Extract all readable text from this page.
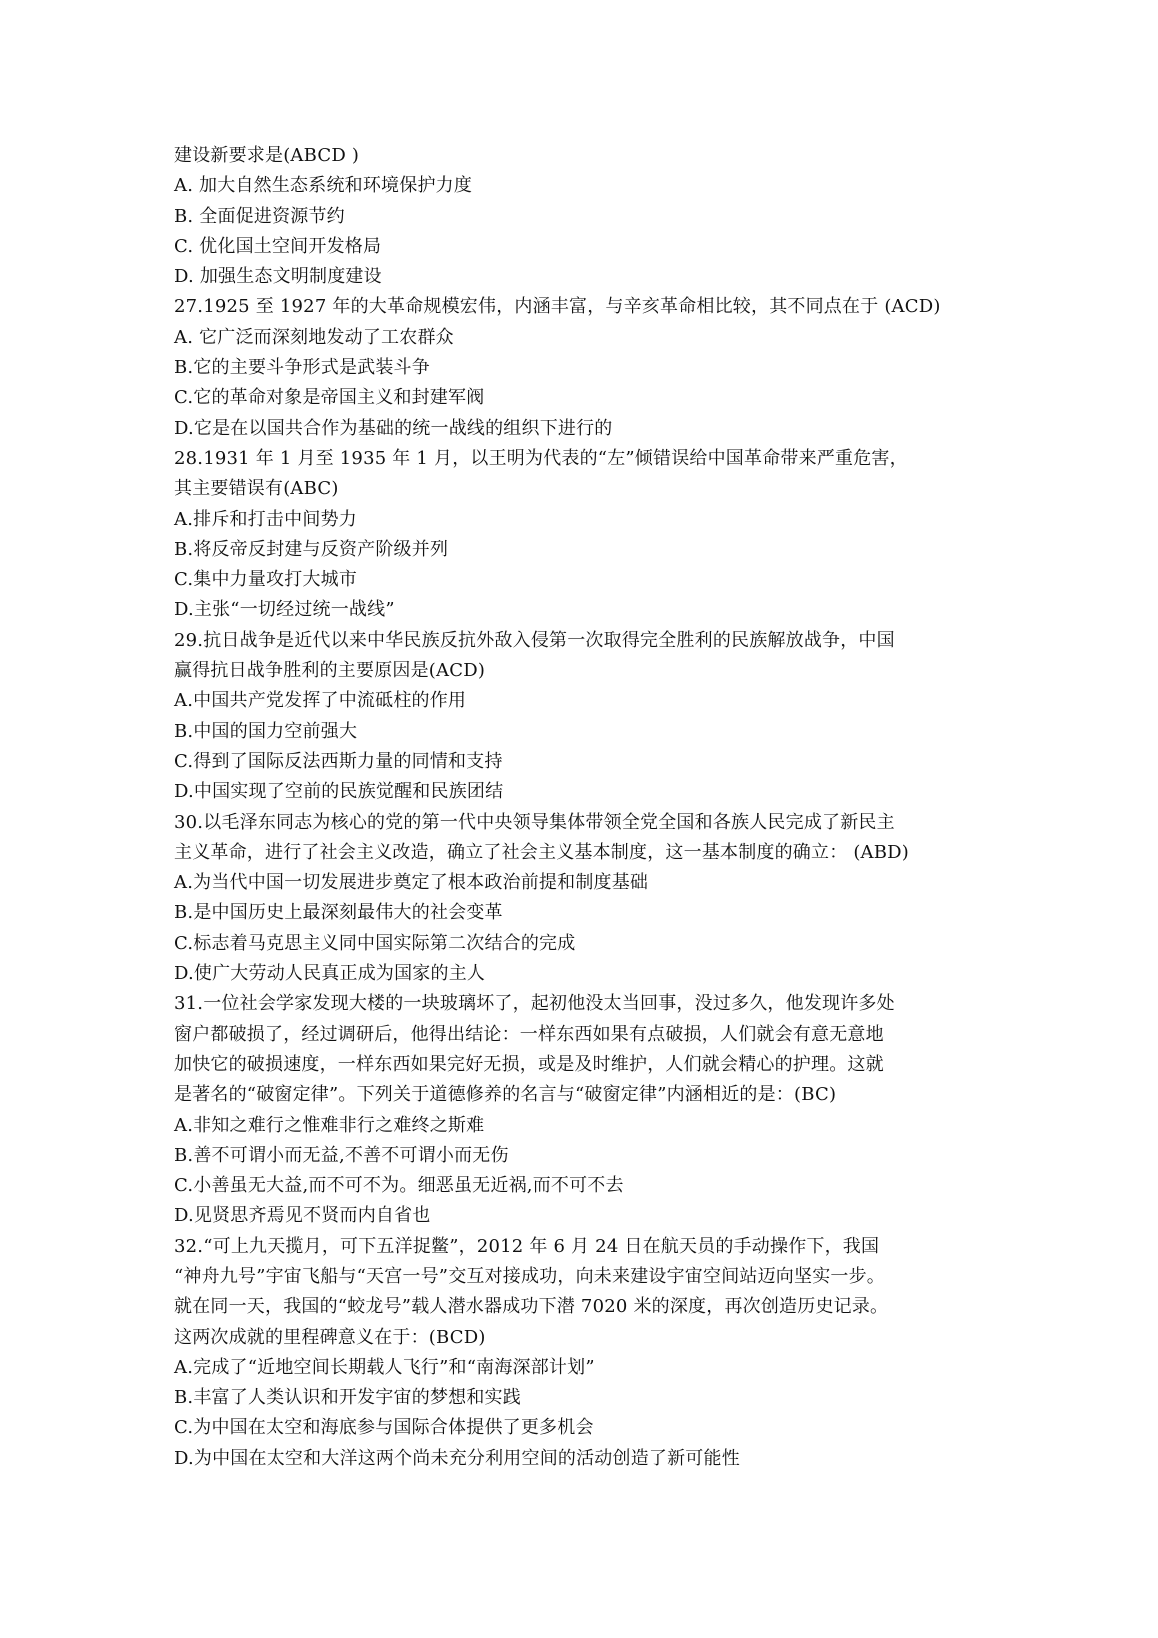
建设新要求是(ABCD )
A. 加大自然生态系统和环境保护力度
B. 全面促进资源节约
C. 优化国土空间开发格局
D. 加强生态文明制度建设
27.1925 至 1927 年的大革命规模宏伟，内涵丰富，与辛亥革命相比较，其不同点在于 (ACD)
A. 它广泛而深刻地发动了工农群众
B.它的主要斗争形式是武装斗争
C.它的革命对象是帝国主义和封建军阀
D.它是在以国共合作为基础的统一战线的组织下进行的
28.1931 年 1 月至 1935 年 1 月，以王明为代表的“左”倾错误给中国革命带来严重危害，
其主要错误有(ABC)
A.排斥和打击中间势力
B.将反帝反封建与反资产阶级并列
C.集中力量攻打大城市
D.主张“一切经过统一战线”
29.抗日战争是近代以来中华民族反抗外敌入侵第一次取得完全胜利的民族解放战争，中国
赢得抗日战争胜利的主要原因是(ACD)
A.中国共产党发挥了中流砥柱的作用
B.中国的国力空前强大
C.得到了国际反法西斯力量的同情和支持
D.中国实现了空前的民族觉醒和民族团结
30.以毛泽东同志为核心的党的第一代中央领导集体带领全党全国和各族人民完成了新民主
主义革命，进行了社会主义改造，确立了社会主义基本制度，这一基本制度的确立： (ABD)
A.为当代中国一切发展进步奠定了根本政治前提和制度基础
B.是中国历史上最深刻最伟大的社会变革
C.标志着马克思主义同中国实际第二次结合的完成
D.使广大劳动人民真正成为国家的主人
31.一位社会学家发现大楼的一块玻璃坏了，起初他没太当回事，没过多久，他发现许多处
窗户都破损了，经过调研后，他得出结论：一样东西如果有点破损，人们就会有意无意地
加快它的破损速度，一样东西如果完好无损，或是及时维护，人们就会精心的护理。这就
是著名的“破窗定律”。下列关于道德修养的名言与“破窗定律”内涵相近的是：(BC)
A.非知之难行之惟难非行之难终之斯难
B.善不可谓小而无益,不善不可谓小而无伤
C.小善虽无大益,而不可不为。细恶虽无近祸,而不可不去
D.见贤思齐焉见不贤而内自省也
32.“可上九天揽月，可下五洋捉鳖”，2012 年 6 月 24 日在航天员的手动操作下，我国
“神舟九号”宇宙飞船与“天宫一号”交互对接成功，向未来建设宇宙空间站迈向坚实一步。
就在同一天，我国的“蛟龙号”载人潜水器成功下潜 7020 米的深度，再次创造历史记录。
这两次成就的里程碑意义在于：(BCD)
A.完成了“近地空间长期载人飞行”和“南海深部计划”
B.丰富了人类认识和开发宇宙的梦想和实践
C.为中国在太空和海底参与国际合体提供了更多机会
D.为中国在太空和大洋这两个尚未充分利用空间的活动创造了新可能性
